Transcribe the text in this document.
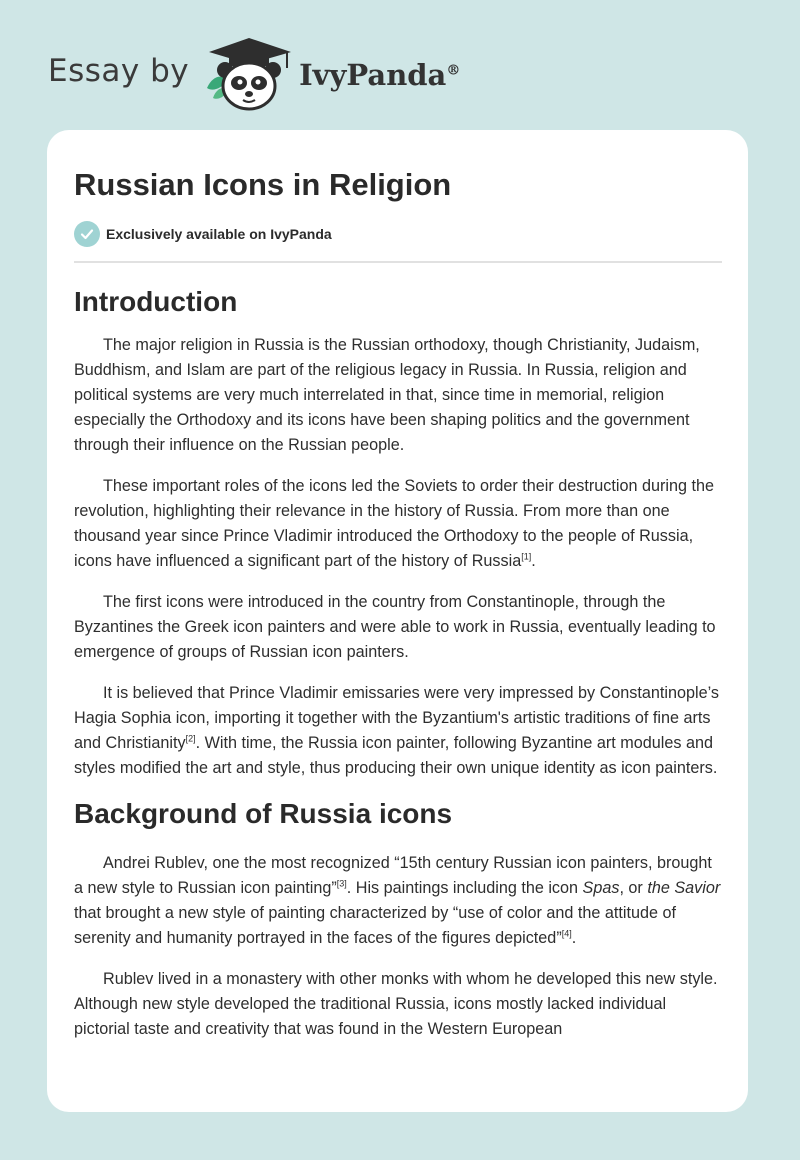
Essay by	IvyPanda®
Russian Icons in Religion
Exclusively available on IvyPanda
Introduction

The major religion in Russia is the Russian orthodoxy, though Christianity, Judaism, Buddhism, and Islam are part of the religious legacy in Russia. In Russia, religion and political systems are very much interrelated in that, since time in memorial, religion especially the Orthodoxy and its icons have been shaping politics and the government through their influence on the Russian people.

These important roles of the icons led the Soviets to order their destruction during the revolution, highlighting their relevance in the history of Russia. From more than one thousand year since Prince Vladimir introduced the Orthodoxy to the people of Russia, icons have influenced a significant part of the history of Russia[1].

The first icons were introduced in the country from Constantinople, through the Byzantines the Greek icon painters and were able to work in Russia, eventually leading to emergence of groups of Russian icon painters.

It is believed that Prince Vladimir emissaries were very impressed by Constantinople’s Hagia Sophia icon, importing it together with the Byzantium's artistic traditions of fine arts and Christianity[2]. With time, the Russia icon painter, following Byzantine art modules and styles modified the art and style, thus producing their own unique identity as icon painters.

Background of Russia icons

Andrei Rublev, one the most recognized “15th century Russian icon painters, brought a new style to Russian icon painting”[3]. His paintings including the icon Spas, or the Savior that brought a new style of painting characterized by “use of color and the attitude of serenity and humanity portrayed in the faces of the figures depicted”[4].

Rublev lived in a monastery with other monks with whom he developed this new style. Although new style developed the traditional Russia, icons mostly lacked individual pictorial taste and creativity that was found in the Western European
